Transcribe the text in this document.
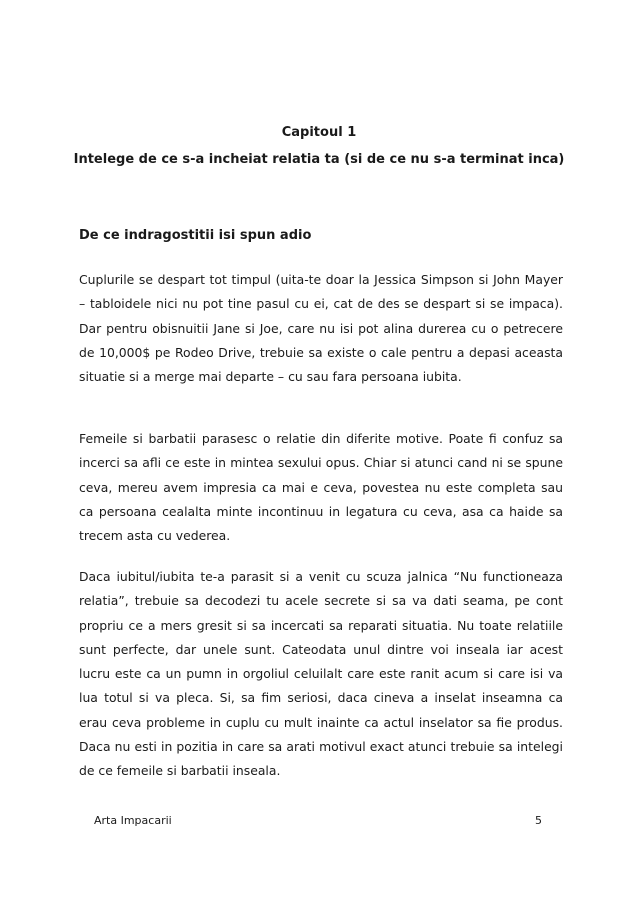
Capitoul 1
Intelege de ce s-a incheiat relatia ta (si de ce nu s-a terminat inca)
De ce indragostitii isi spun adio

Cuplurile se despart tot timpul (uita-te doar la Jessica Simpson si John Mayer – tabloidele nici nu pot tine pasul cu ei, cat de des se despart si se impaca). Dar pentru obisnuitii Jane si Joe, care nu isi pot alina durerea cu o petrecere de 10,000$ pe Rodeo Drive, trebuie sa existe o cale pentru a depasi aceasta situatie si a merge mai departe – cu sau fara persoana iubita.

Femeile si barbatii parasesc o relatie din diferite motive. Poate fi confuz sa incerci sa afli ce este in mintea sexului opus. Chiar si atunci cand ni se spune ceva, mereu avem impresia ca mai e ceva, povestea nu este completa sau ca persoana cealalta minte incontinuu in legatura cu ceva, asa ca haide sa trecem asta cu vederea.

Daca iubitul/iubita te-a parasit si a venit cu scuza jalnica “Nu functioneaza relatia”, trebuie sa decodezi tu acele secrete si sa va dati seama, pe cont propriu ce a mers gresit si sa incercati sa reparati situatia. Nu toate relatiile sunt perfecte, dar unele sunt. Cateodata unul dintre voi inseala iar acest lucru este ca un pumn in orgoliul celuilalt care este ranit acum si care isi va lua totul si va pleca. Si, sa fim seriosi, daca cineva a inselat inseamna ca erau ceva probleme in cuplu cu mult inainte ca actul inselator sa fie produs. Daca nu esti in pozitia in care sa arati motivul exact atunci trebuie sa intelegi de ce femeile si barbatii inseala.

Arta Impacarii	5
